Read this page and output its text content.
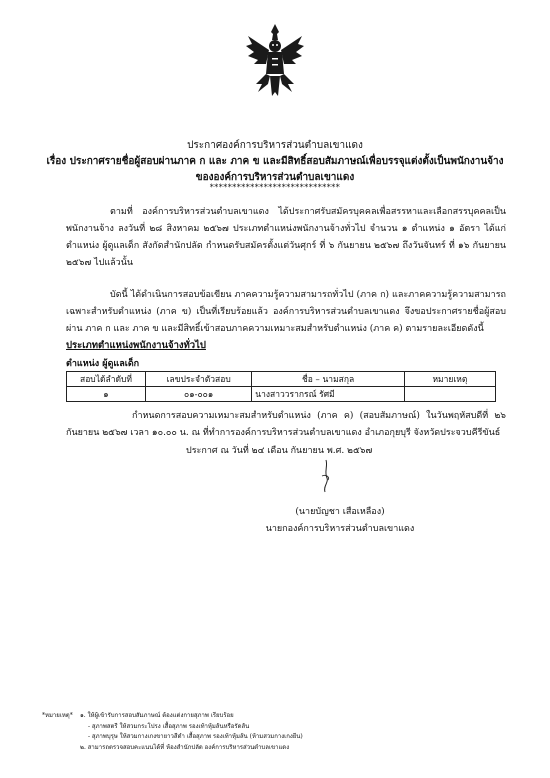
ประกาศองค์การบริหารส่วนตำบลเขาแดง
เรื่อง ประกาศรายชื่อผู้สอบผ่านภาค ก และ ภาค ข และมีสิทธิ์สอบสัมภาษณ์เพื่อบรรจุแต่งตั้งเป็นพนักงานจ้าง
ขององค์การบริหารส่วนตำบลเขาแดง
*****************************
ตามที่ องค์การบริหารส่วนตำบลเขาแดง ได้ประกาศรับสมัครบุคคลเพื่อสรรหาและเลือกสรรบุคคลเป็นพนักงานจ้าง ลงวันที่ ๒๘ สิงหาคม ๒๕๖๗ ประเภทตำแหน่งพนักงานจ้างทั่วไป จำนวน ๑ ตำแหน่ง ๑ อัตรา ได้แก่ตำแหน่ง ผู้ดูแลเด็ก สังกัดสำนักปลัด กำหนดรับสมัครตั้งแต่วันศุกร์ ที่ ๖ กันยายน ๒๕๖๗ ถึงวันจันทร์ ที่ ๑๖ กันยายน ๒๕๖๗ ไปแล้วนั้น
บัดนี้ ได้ดำเนินการสอบข้อเขียน ภาคความรู้ความสามารถทั่วไป (ภาค ก) และภาคความรู้ความสามารถเฉพาะสำหรับตำแหน่ง (ภาค ข) เป็นที่เรียบร้อยแล้ว องค์การบริหารส่วนตำบลเขาแดง จึงขอประกาศรายชื่อผู้สอบผ่าน ภาค ก และ ภาค ข และมีสิทธิ์เข้าสอบภาคความเหมาะสมสำหรับตำแหน่ง (ภาค ค) ตามรายละเอียดดังนี้
ประเภทตำแหน่งพนักงานจ้างทั่วไป
ตำแหน่ง ผู้ดูแลเด็ก
สอบได้ลำดับที่	เลขประจำตัวสอบ	ชื่อ – นามสกุล	หมายเหตุ
๑	๐๑-๐๐๑	นางสาววรากรณ์ รัศมี	
กำหนดการสอบความเหมาะสมสำหรับตำแหน่ง (ภาค ค) (สอบสัมภาษณ์) ในวันพฤหัสบดีที่ ๒๖ กันยายน ๒๕๖๗ เวลา ๑๐.๐๐ น. ณ ที่ทำการองค์การบริหารส่วนตำบลเขาแดง อำเภอกุยบุรี จังหวัดประจวบคีรีขันธ์
ประกาศ ณ วันที่ ๒๔ เดือน กันยายน พ.ศ. ๒๕๖๗
(นายบัญชา เสือเหลือง)
นายกองค์การบริหารส่วนตำบลเขาแดง
*หมายเหตุ*	๑. ให้ผู้เข้ารับการสอบสัมภาษณ์ ต้องแต่งกายสุภาพ เรียบร้อย
- สุภาพสตรี ให้สวมกระโปรง เสื้อสุภาพ รองเท้าหุ้มส้นหรือรัดส้น
- สุภาพบุรุษ ให้สวมกางเกงขายาวสีดำ เสื้อสุภาพ รองเท้าหุ้มส้น (ห้ามสวมกางเกงยีน)
๒. สามารถตรวจสอบคะแนนได้ที่ ห้องสำนักปลัด องค์การบริหารส่วนตำบลเขาแดง
